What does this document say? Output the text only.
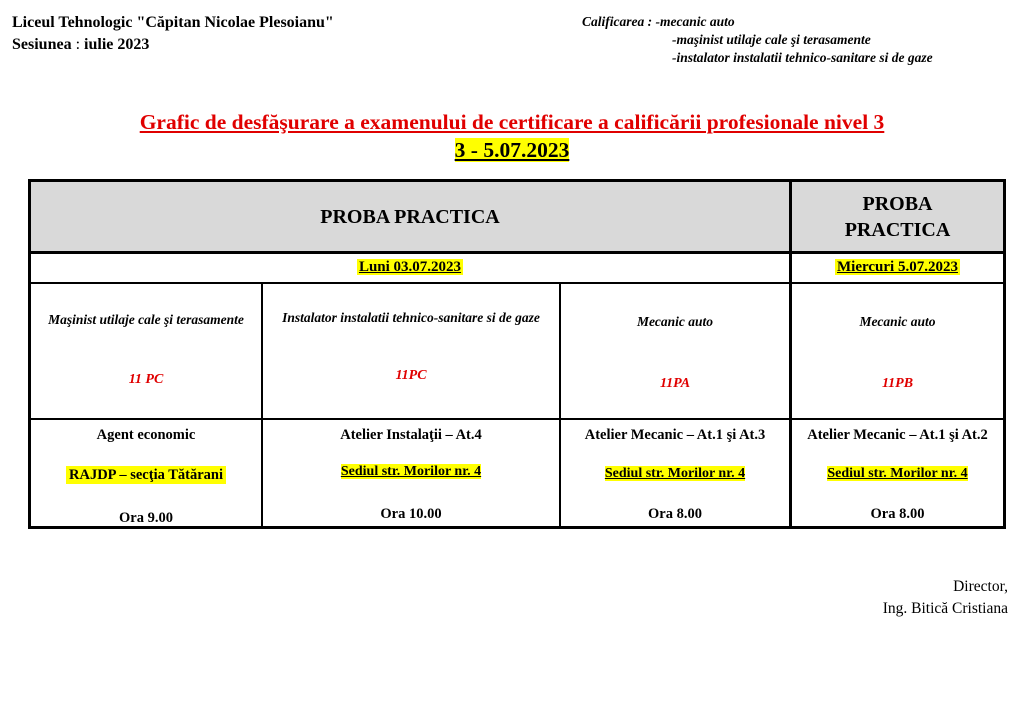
Liceul Tehnologic "Căpitan Nicolae Plesoianu"
Sesiunea : iulie 2023
Calificarea : -mecanic auto
-maşinist utilaje cale şi terasamente
-instalator instalatii tehnico-sanitare si de gaze
Grafic de desfăşurare a examenului de certificare a calificării profesionale nivel 3
3 - 5.07.2023
PROBA PRACTICA
PROBA PRACTICA
Luni 03.07.2023	Miercuri 5.07.2023
Maşinist utilaje cale şi terasamente
11 PC
Agent economic
RAJDP – secţia Tătărani
Ora 9.00
Instalator instalatii tehnico-sanitare si de gaze
11PC
Atelier Instalaţii – At.4
Sediul str. Morilor nr. 4
Ora 10.00
Mecanic auto
11PA
Atelier Mecanic – At.1 şi At.3
Sediul str. Morilor nr. 4
Ora 8.00
Mecanic auto
11PB
Atelier Mecanic – At.1 şi At.2
Sediul str. Morilor nr. 4
Ora 8.00
Director,
Ing. Bitică Cristiana
